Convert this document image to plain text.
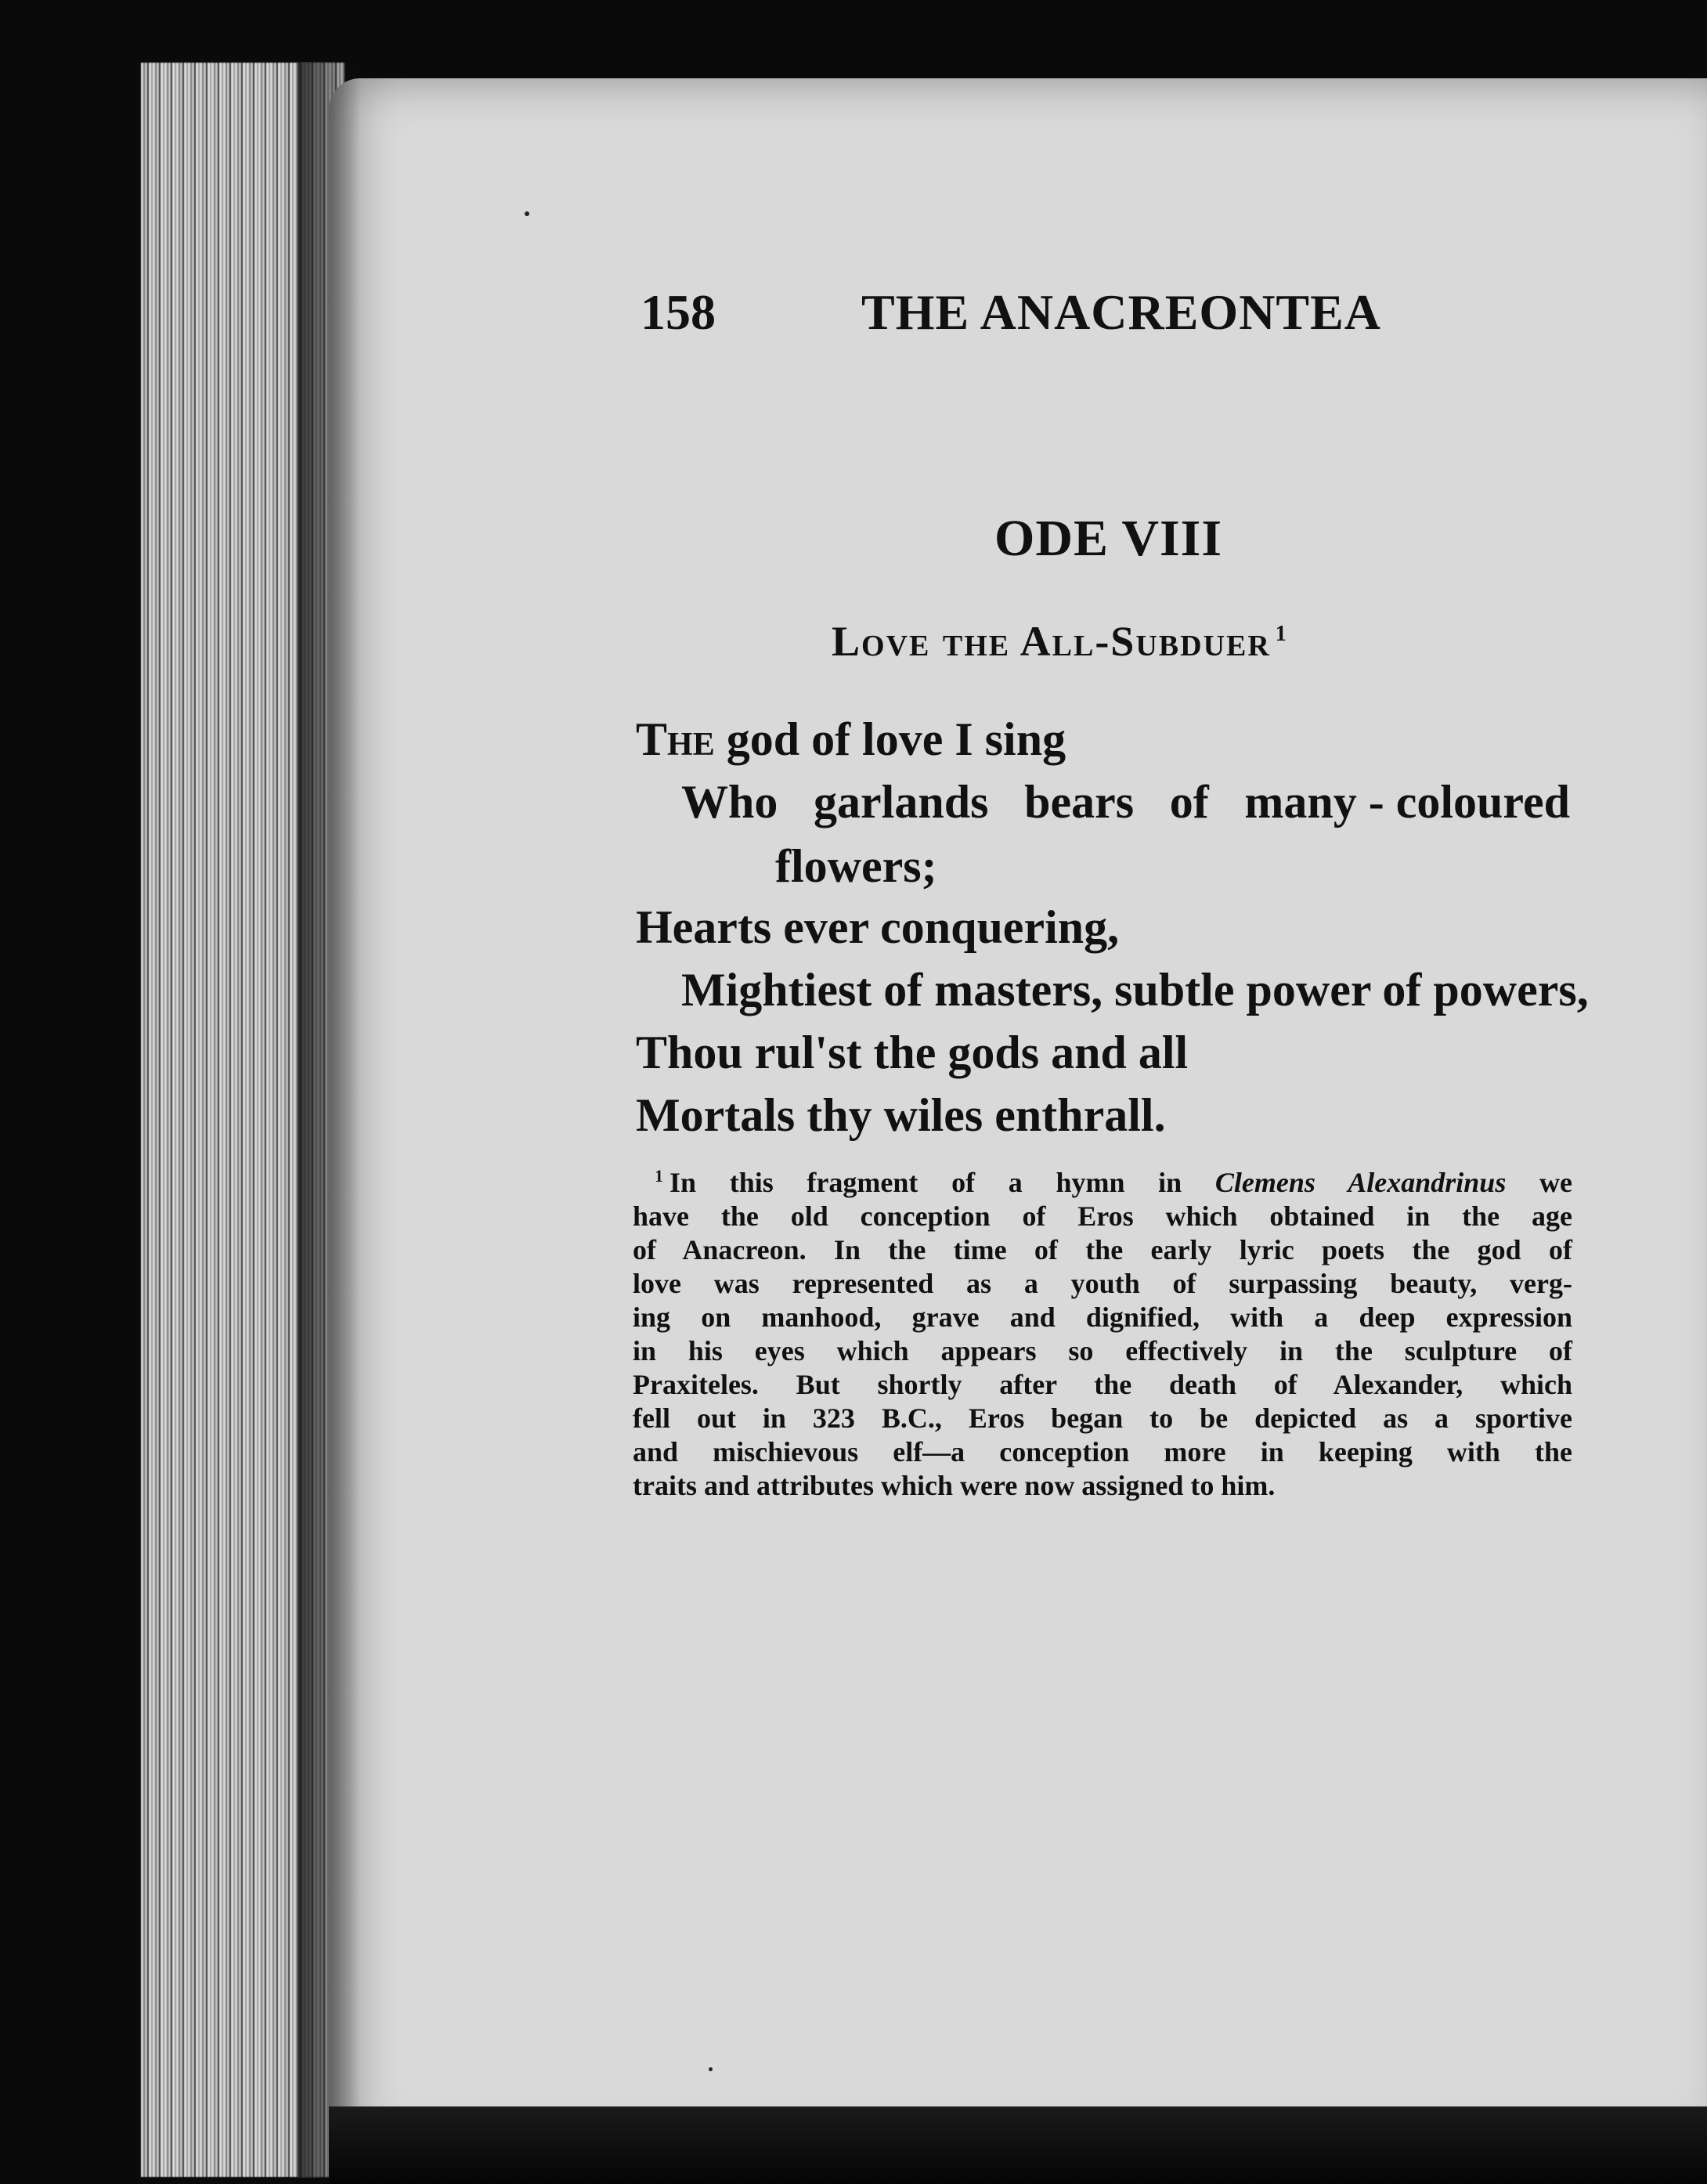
158	THE ANACREONTEA
ODE VIII
Love the All-Subduer $^1$
The god of love I sing
Who garlands bears of many - coloured
flowers;
Hearts ever conquering,
Mightiest of masters, subtle power of powers,
Thou rul'st the gods and all
Mortals thy wiles enthrall.
$^1$ In this fragment of a hymn in Clemens Alexandrinus we
have the old conception of Eros which obtained in the age
of Anacreon. In the time of the early lyric poets the god of
love was represented as a youth of surpassing beauty, verg-
ing on manhood, grave and dignified, with a deep expression
in his eyes which appears so effectively in the sculpture of
Praxiteles. But shortly after the death of Alexander, which
fell out in 323 B.C., Eros began to be depicted as a sportive
and mischievous elf—a conception more in keeping with the
traits and attributes which were now assigned to him.
